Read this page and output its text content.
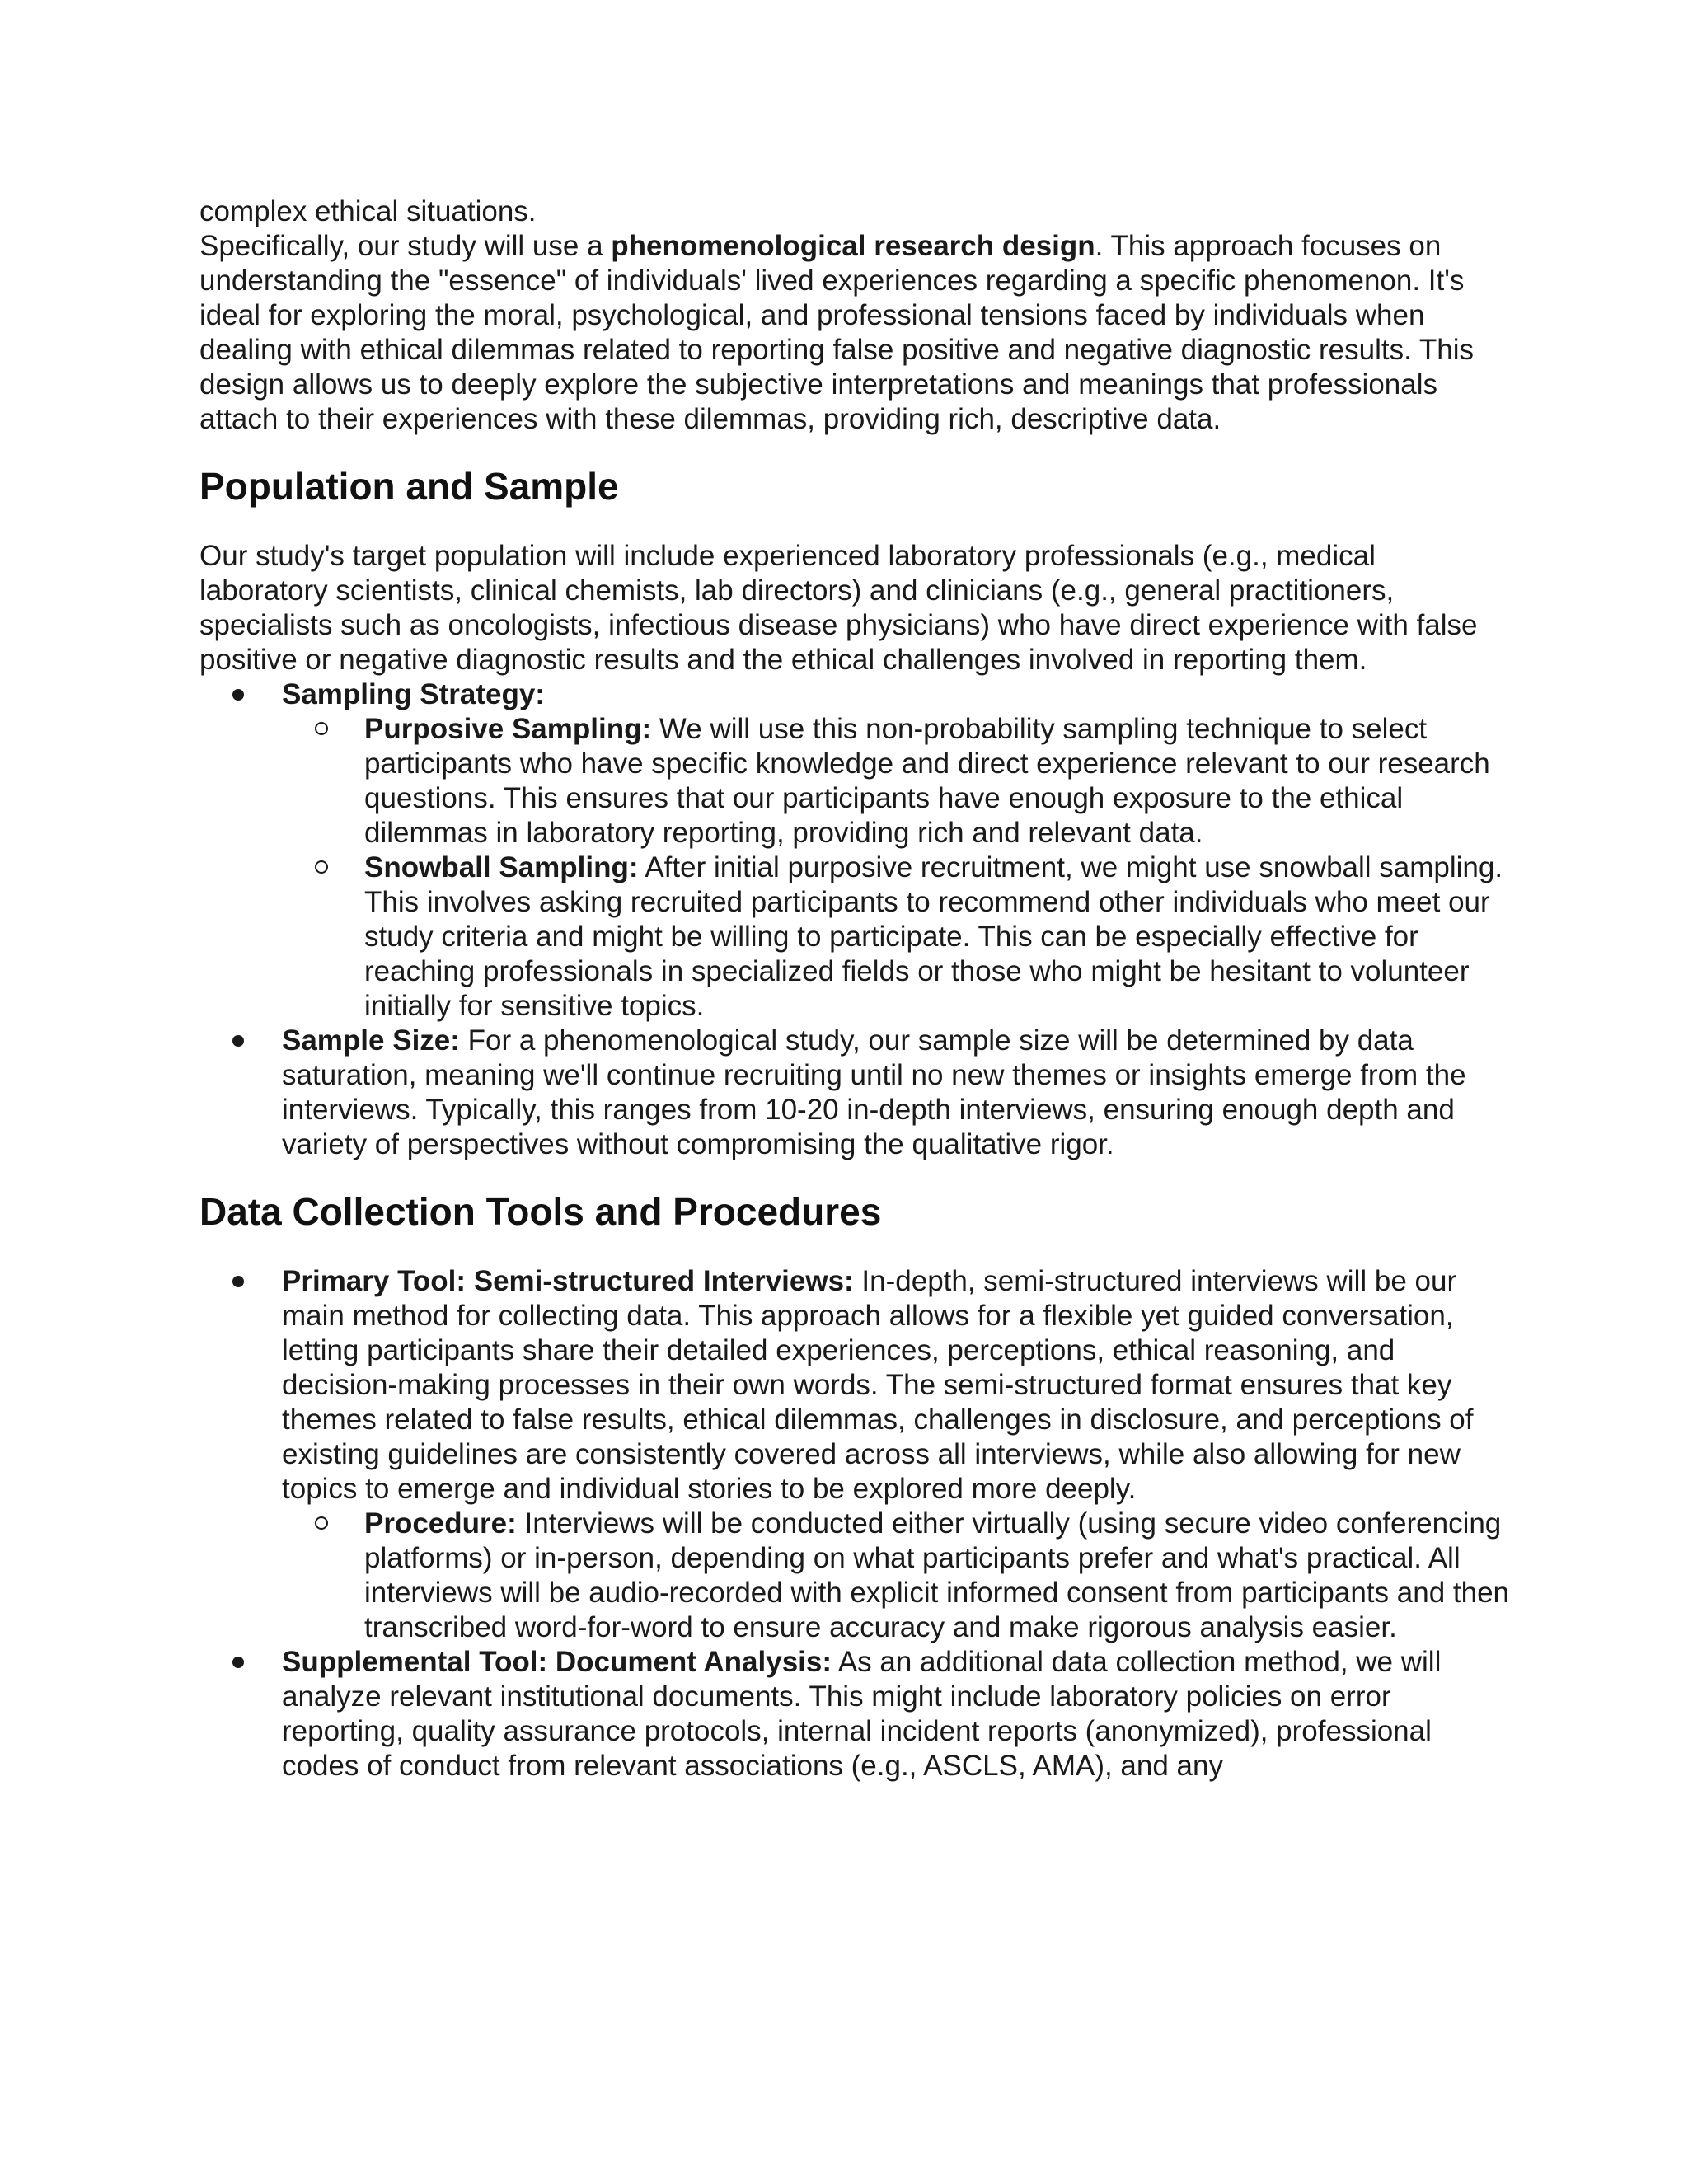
complex ethical situations.

Specifically, our study will use a phenomenological research design. This approach focuses on understanding the "essence" of individuals' lived experiences regarding a specific phenomenon. It's ideal for exploring the moral, psychological, and professional tensions faced by individuals when dealing with ethical dilemmas related to reporting false positive and negative diagnostic results. This design allows us to deeply explore the subjective interpretations and meanings that professionals attach to their experiences with these dilemmas, providing rich, descriptive data.

Population and Sample

Our study's target population will include experienced laboratory professionals (e.g., medical laboratory scientists, clinical chemists, lab directors) and clinicians (e.g., general practitioners, specialists such as oncologists, infectious disease physicians) who have direct experience with false positive or negative diagnostic results and the ethical challenges involved in reporting them.

Sampling Strategy:
Purposive Sampling: We will use this non-probability sampling technique to select participants who have specific knowledge and direct experience relevant to our research questions. This ensures that our participants have enough exposure to the ethical dilemmas in laboratory reporting, providing rich and relevant data.
Snowball Sampling: After initial purposive recruitment, we might use snowball sampling. This involves asking recruited participants to recommend other individuals who meet our study criteria and might be willing to participate. This can be especially effective for reaching professionals in specialized fields or those who might be hesitant to volunteer initially for sensitive topics.
Sample Size: For a phenomenological study, our sample size will be determined by data saturation, meaning we'll continue recruiting until no new themes or insights emerge from the interviews. Typically, this ranges from 10-20 in-depth interviews, ensuring enough depth and variety of perspectives without compromising the qualitative rigor.
Data Collection Tools and Procedures
Primary Tool: Semi-structured Interviews: In-depth, semi-structured interviews will be our main method for collecting data. This approach allows for a flexible yet guided conversation, letting participants share their detailed experiences, perceptions, ethical reasoning, and decision-making processes in their own words. The semi-structured format ensures that key themes related to false results, ethical dilemmas, challenges in disclosure, and perceptions of existing guidelines are consistently covered across all interviews, while also allowing for new topics to emerge and individual stories to be explored more deeply.
Procedure: Interviews will be conducted either virtually (using secure video conferencing platforms) or in-person, depending on what participants prefer and what's practical. All interviews will be audio-recorded with explicit informed consent from participants and then transcribed word-for-word to ensure accuracy and make rigorous analysis easier.
Supplemental Tool: Document Analysis: As an additional data collection method, we will analyze relevant institutional documents. This might include laboratory policies on error reporting, quality assurance protocols, internal incident reports (anonymized), professional codes of conduct from relevant associations (e.g., ASCLS, AMA), and any
